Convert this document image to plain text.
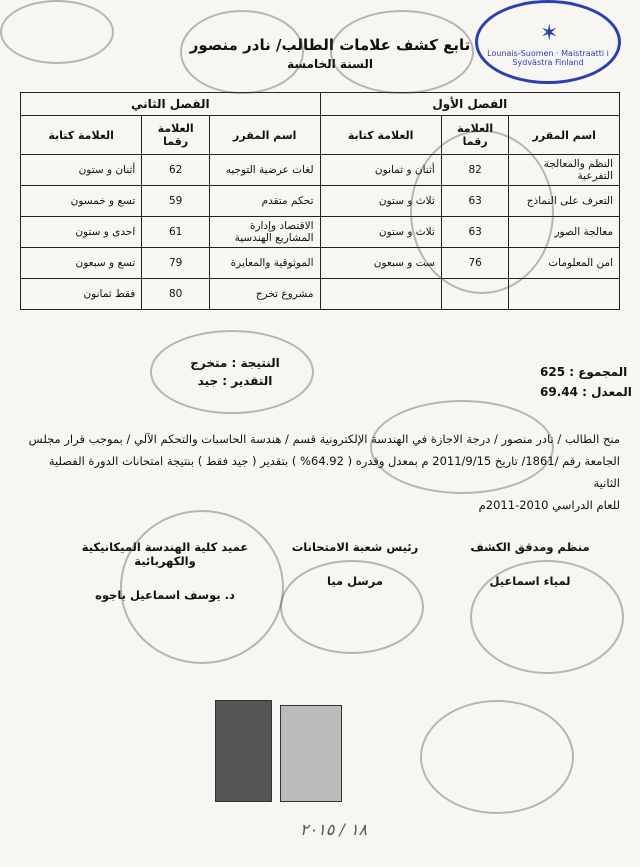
✶
Lounais-Suomen · Maistraatti i Sydvästra Finland
تابع كشف علامات الطالب/ نادر منصور
السنة الخامسة
الفصل الأول			الفصل الثاني		
اسم المقرر	العلامة رقما	العلامة كتابة	اسم المقرر	العلامة رقما	العلامة كتابة
النظم والمعالجة التفرعية	82	أثنان و ثمانون	لغات عرضية التوجيه	62	أثنان و ستون
التعرف على النماذج	63	ثلاث و ستون	تحكم متقدم	59	تسع و خمسون
معالجة الصور	63	ثلاث و ستون	الاقتصاد وإدارة المشاريع الهندسية	61	احدى و ستون
امن المعلومات	76	ست و سبعون	الموثوقية والمعايرة	79	تسع و سبعون
			مشروع تخرج	80	فقط ثمانون
المجموع : 625
المعدل : 69.44
النتيجة : متخرج
التقدير : جيد

منح الطالب / نادر منصور / درجة الاجازة في الهندسة الإلكترونية قسم / هندسة الحاسبات والتحكم الآلي / بموجب قرار مجلس

الجامعة رقم /1861/ تاريخ 2011/9/15 م بمعدل وقدره ( 64.92% ) بتقدير ( جيد فقط ) بنتيجة امتحانات الدورة الفصلية الثانية

للعام الدراسي 2010-2011م

منظم ومدقق الكشف
لمياء اسماعيل
رئيس شعبة الامتحانات
مرسل ميا
عميد كلية الهندسة الميكانيكية والكهربائية
د. يوسف اسماعيل باجوه
١٨ / ٢٠١٥
